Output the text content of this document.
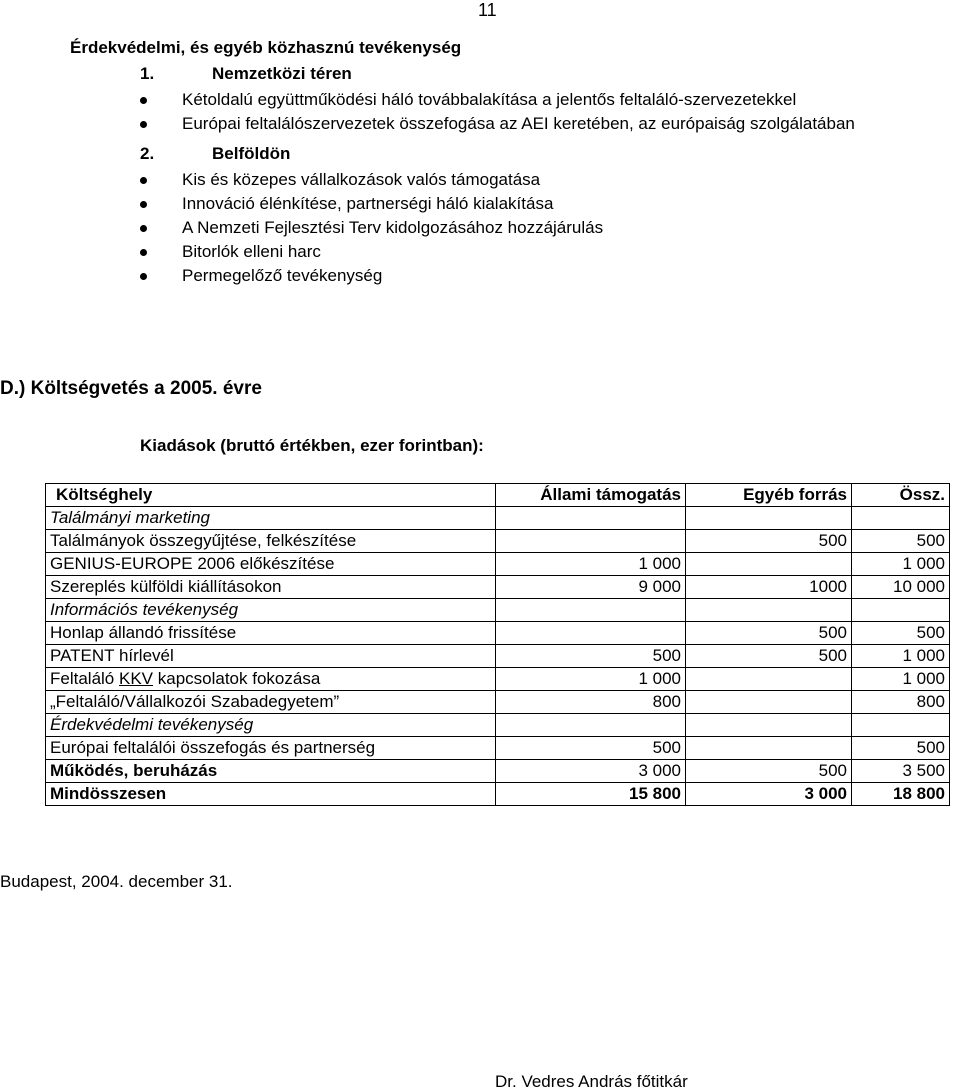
11
Érdekvédelmi, és egyéb közhasznú tevékenység
1.	Nemzetközi téren
Kétoldalú együttműködési háló továbbalakítása a jelentős feltaláló-szervezetekkel
Európai feltalálószervezetek összefogása az AEI keretében, az európaiság szolgálatában
2.	Belföldön
Kis és közepes vállalkozások valós támogatása
Innováció élénkítése, partnerségi háló kialakítása
A Nemzeti Fejlesztési Terv kidolgozásához hozzájárulás
Bitorlók elleni harc
Permegelőző tevékenység
D.) Költségvetés a 2005. évre
Kiadások (bruttó értékben, ezer forintban):
Költséghely	Állami támogatás	Egyéb forrás	Össz.
Találmányi marketing			
Találmányok összegyűjtése, felkészítése		500	500
GENIUS-EUROPE 2006 előkészítése	1 000		1 000
Szereplés külföldi kiállításokon	9 000	1000	10 000
Információs tevékenység			
Honlap állandó frissítése		500	500
PATENT hírlevél	500	500	1 000
Feltaláló KKV kapcsolatok fokozása	1 000		1 000
„Feltaláló/Vállalkozói Szabadegyetem”	800		800
Érdekvédelmi tevékenység			
Európai feltalálói összefogás és partnerség	500		500
Működés, beruházás	3 000	500	3 500
Mindösszesen	15 800	3 000	18 800
Budapest, 2004. december 31.
Dr. Vedres András főtitkár
